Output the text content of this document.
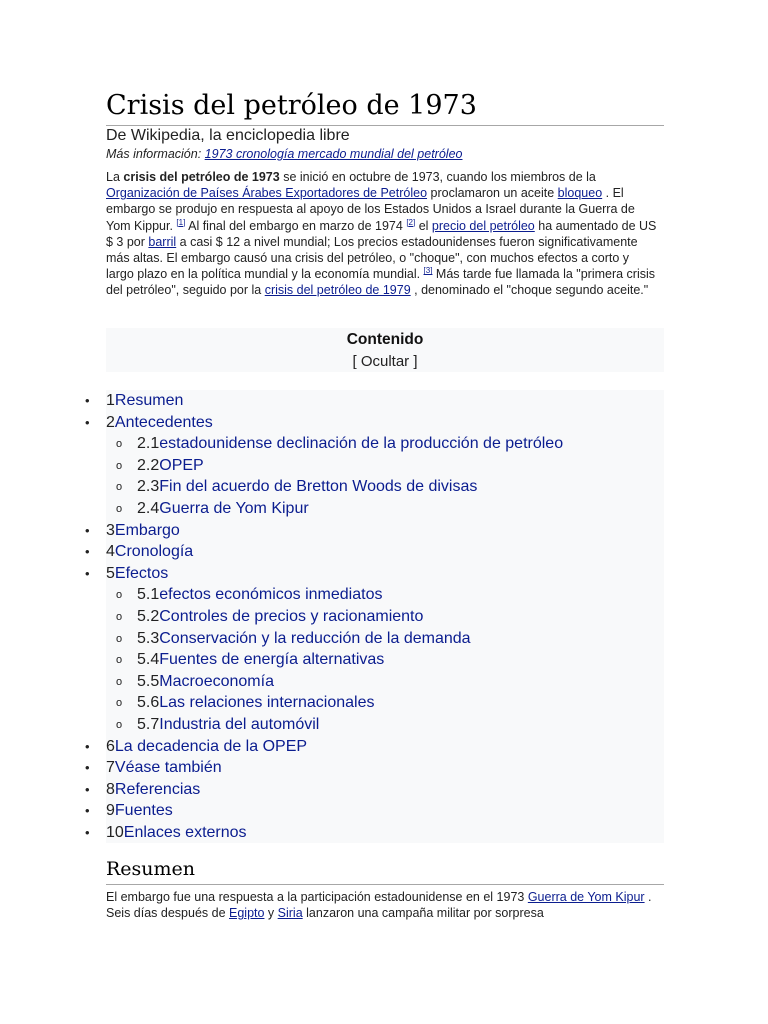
Crisis del petróleo de 1973
De Wikipedia, la enciclopedia libre
Más información: 1973 cronología mercado mundial del petróleo
La crisis del petróleo de 1973 se inició en octubre de 1973, cuando los miembros de la Organización de Países Árabes Exportadores de Petróleo proclamaron un aceite bloqueo . El embargo se produjo en respuesta al apoyo de los Estados Unidos a Israel durante la Guerra de Yom Kippur. [1] Al final del embargo en marzo de 1974 [2] el precio del petróleo ha aumentado de US $ 3 por barril a casi $ 12 a nivel mundial; Los precios estadounidenses fueron significativamente más altas. El embargo causó una crisis del petróleo, o "choque", con muchos efectos a corto y largo plazo en la política mundial y la economía mundial. [3] Más tarde fue llamada la "primera crisis del petróleo", seguido por la crisis del petróleo de 1979 , denominado el "choque segundo aceite."
Contenido
[ Ocultar ]
• 1Resumen
• 2Antecedentes
o 2.1estadounidense declinación de la producción de petróleo
o 2.2OPEP
o 2.3Fin del acuerdo de Bretton Woods de divisas
o 2.4Guerra de Yom Kipur
• 3Embargo
• 4Cronología
• 5Efectos
o 5.1efectos económicos inmediatos
o 5.2Controles de precios y racionamiento
o 5.3Conservación y la reducción de la demanda
o 5.4Fuentes de energía alternativas
o 5.5Macroeconomía
o 5.6Las relaciones internacionales
o 5.7Industria del automóvil
• 6La decadencia de la OPEP
• 7Véase también
• 8Referencias
• 9Fuentes
• 10Enlaces externos
Resumen
El embargo fue una respuesta a la participación estadounidense en el 1973 Guerra de Yom Kipur . Seis días después de Egipto y Siria lanzaron una campaña militar por sorpresa
